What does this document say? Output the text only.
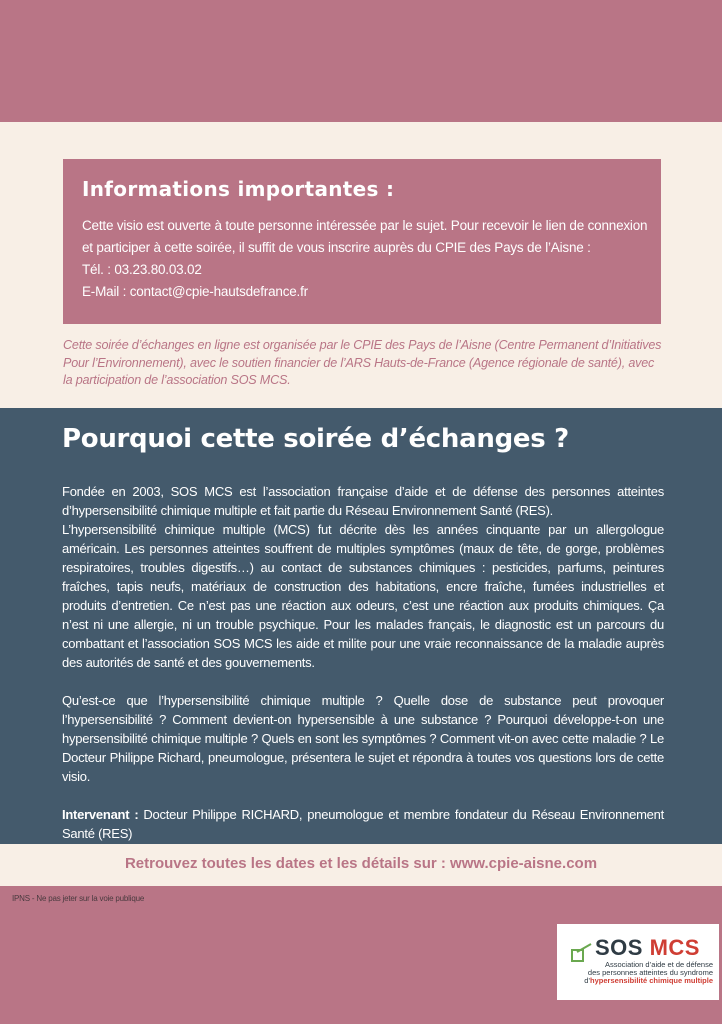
Informations importantes :

Cette visio est ouverte à toute personne intéressée par le sujet. Pour recevoir le lien de connexion et participer à cette soirée, il suffit de vous inscrire auprès du CPIE des Pays de l’Aisne :

Tél. : 03.23.80.03.02

E-Mail : contact@cpie-hautsdefrance.fr

Cette soirée d’échanges en ligne est organisée par le CPIE des Pays de l’Aisne (Centre Permanent d’Initiatives Pour l’Environnement), avec le soutien financier de l’ARS Hauts-de-France (Agence régionale de santé), avec la participation de l’association SOS MCS.
Pourquoi cette soirée d’échanges ?

Fondée en 2003, SOS MCS est l’association française d’aide et de défense des personnes atteintes d’hypersensibilité chimique multiple et fait partie du Réseau Environnement Santé (RES).

L’hypersensibilité chimique multiple (MCS) fut décrite dès les années cinquante par un allergologue américain. Les personnes atteintes souffrent de multiples symptômes (maux de tête, de gorge, problèmes respiratoires, troubles digestifs…) au contact de substances chimiques : pesticides, parfums, peintures fraîches, tapis neufs, matériaux de construction des habitations, encre fraîche, fumées industrielles et produits d’entretien. Ce n’est pas une réaction aux odeurs, c’est une réaction aux produits chimiques. Ça n’est ni une allergie, ni un trouble psychique. Pour les malades français, le diagnostic est un parcours du combattant et l’association SOS MCS les aide et milite pour une vraie reconnaissance de la maladie auprès des autorités de santé et des gouvernements.

Qu’est-ce que l’hypersensibilité chimique multiple ? Quelle dose de substance peut provoquer l’hypersensibilité ? Comment devient-on hypersensible à une substance ? Pourquoi développe-t-on une hypersensibilité chimique multiple ? Quels en sont les symptômes ? Comment vit-on avec cette maladie ? Le Docteur Philippe Richard, pneumologue, présentera le sujet et répondra à toutes vos questions lors de cette visio.

Intervenant : Docteur Philippe RICHARD, pneumologue et membre fondateur du Réseau Environnement Santé (RES)

Retrouvez toutes les dates et les détails sur : www.cpie-aisne.com
IPNS - Ne pas jeter sur la voie publique
SOS MCS
Association d’aide et de défense
des personnes atteintes du syndrome
d’hypersensibilité chimique multiple
